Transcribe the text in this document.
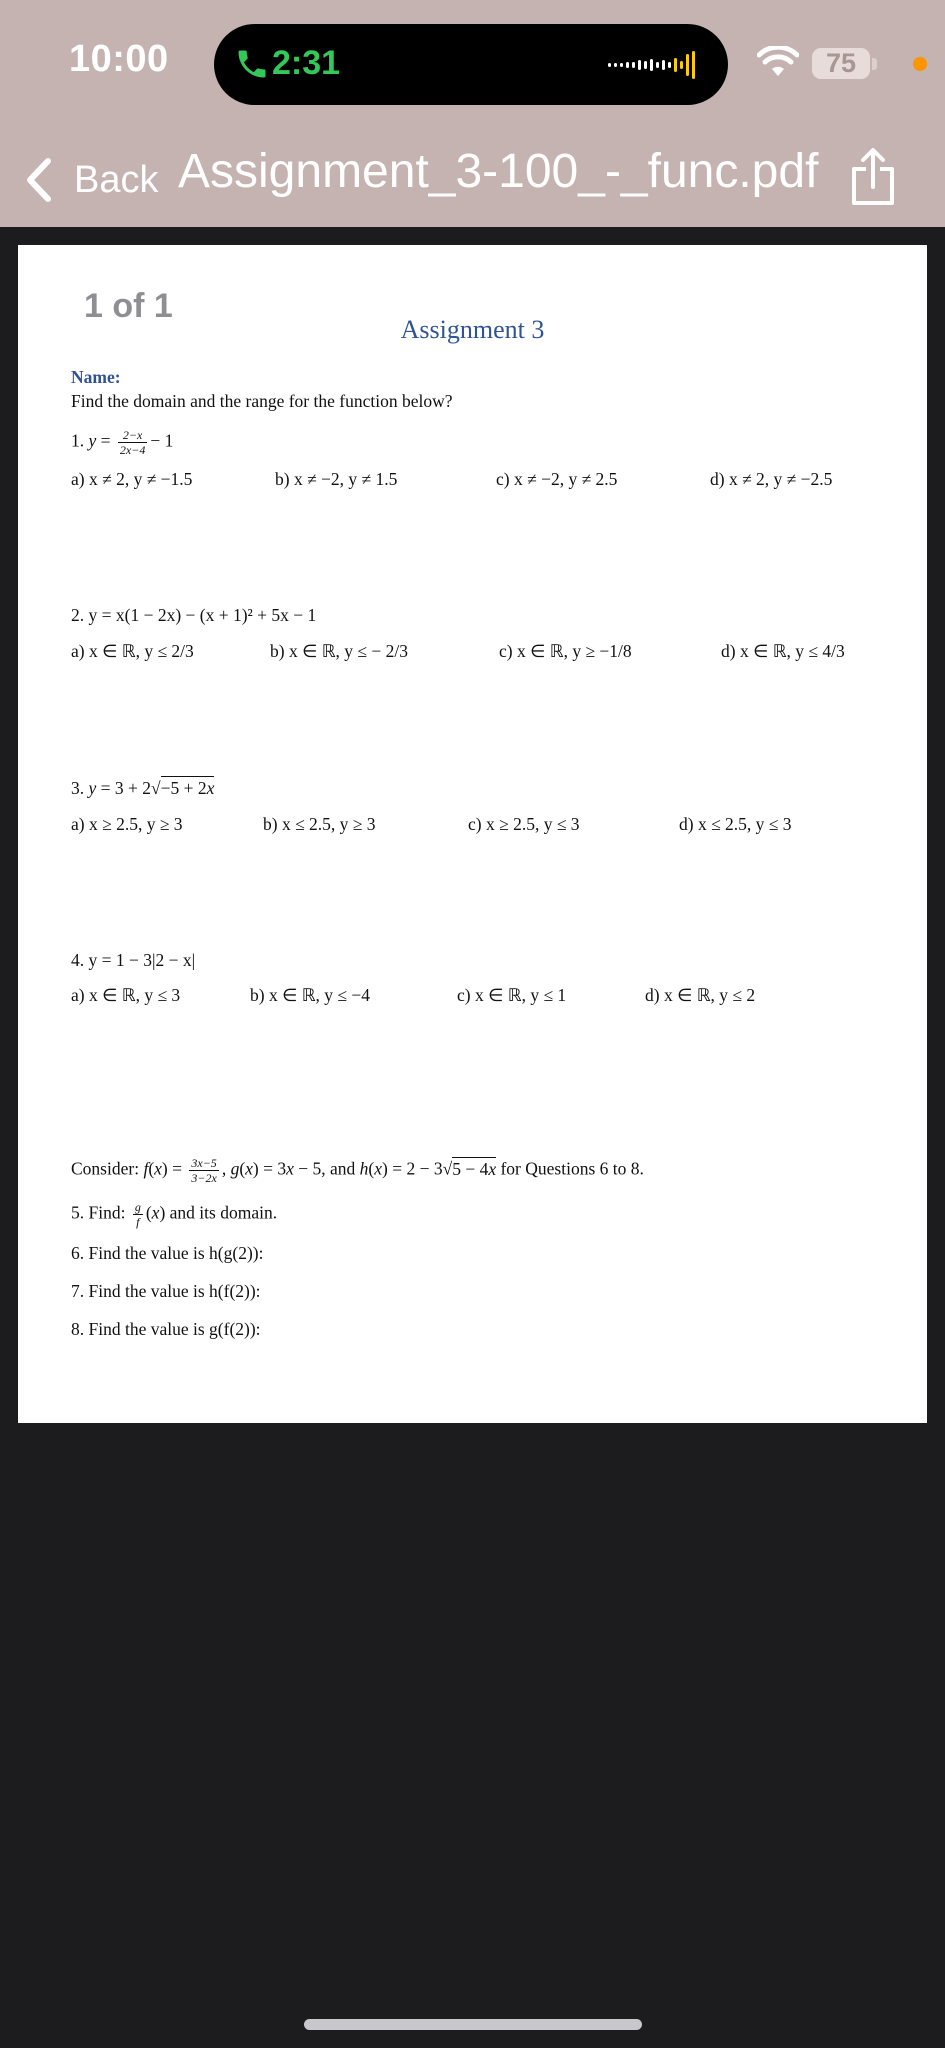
10:00	2:31	75
Back Assignment_3-100_-_func.pdf
1 of 1
Assignment 3
Name:
Find the domain and the range for the function below?
1. $y = \frac{2-x}{2x-4} - 1$
a) x ≠ 2, y ≠ −1.5	b) x ≠ −2, y ≠ 1.5	c) x ≠ −2, y ≠ 2.5	d) x ≠ 2, y ≠ −2.5
2. y = x(1 − 2x) − (x + 1)² + 5x − 1
a) x ∈ ℝ, y ≤ 2/3	b) x ∈ ℝ, y ≤ − 2/3	c) x ∈ ℝ, y ≥ −1/8	d) x ∈ ℝ, y ≤ 4/3
3. y = 3 + 2√−5 + 2x
a) x ≥ 2.5, y ≥ 3	b) x ≤ 2.5, y ≥ 3	c) x ≥ 2.5, y ≤ 3	d) x ≤ 2.5, y ≤ 3
4. y = 1 − 3|2 − x|
a) x ∈ ℝ, y ≤ 3	b) x ∈ ℝ, y ≤ −4	c) x ∈ ℝ, y ≤ 1	d) x ∈ ℝ, y ≤ 2
Consider: $f(x) = \frac{3x-5}{3-2x}$ , g(x) = 3x − 5, and h(x) = 2 − 3√5 − 4x for Questions 6 to 8.
5. Find: $\frac{g}{f} (x)$ and its domain.
6. Find the value is h(g(2)):
7. Find the value is h(f(2)):
8. Find the value is g(f(2)):
